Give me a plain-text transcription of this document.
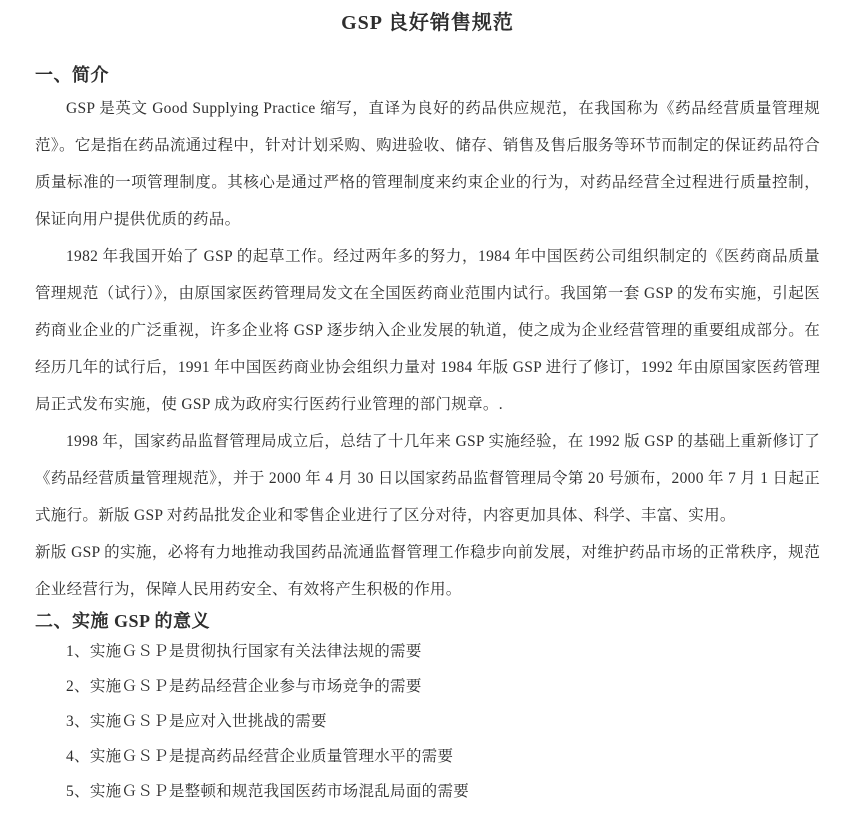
GSP 良好销售规范
一、简介

GSP 是英文 Good Supplying Practice 缩写，直译为良好的药品供应规范，在我国称为《药品经营质量管理规范》。它是指在药品流通过程中，针对计划采购、购进验收、储存、销售及售后服务等环节而制定的保证药品符合质量标准的一项管理制度。其核心是通过严格的管理制度来约束企业的行为，对药品经营全过程进行质量控制，保证向用户提供优质的药品。

1982 年我国开始了 GSP 的起草工作。经过两年多的努力，1984 年中国医药公司组织制定的《医药商品质量管理规范（试行）》，由原国家医药管理局发文在全国医药商业范围内试行。我国第一套 GSP 的发布实施，引起医药商业企业的广泛重视，许多企业将 GSP 逐步纳入企业发展的轨道，使之成为企业经营管理的重要组成部分。在经历几年的试行后，1991 年中国医药商业协会组织力量对 1984 年版 GSP 进行了修订，1992 年由原国家医药管理局正式发布实施，使 GSP 成为政府实行医药行业管理的部门规章。.

1998 年，国家药品监督管理局成立后，总结了十几年来 GSP 实施经验，在 1992 版 GSP 的基础上重新修订了《药品经营质量管理规范》，并于 2000 年 4 月 30 日以国家药品监督管理局令第 20 号颁布，2000 年 7 月 1 日起正式施行。新版 GSP 对药品批发企业和零售企业进行了区分对待，内容更加具体、科学、丰富、实用。

新版 GSP 的实施，必将有力地推动我国药品流通监督管理工作稳步向前发展，对维护药品市场的正常秩序，规范企业经营行为，保障人民用药安全、有效将产生积极的作用。

二、实施 GSP 的意义

1、实施ＧＳＰ是贯彻执行国家有关法律法规的需要

2、实施ＧＳＰ是药品经营企业参与市场竞争的需要

3、实施ＧＳＰ是应对入世挑战的需要

4、实施ＧＳＰ是提高药品经营企业质量管理水平的需要

5、实施ＧＳＰ是整顿和规范我国医药市场混乱局面的需要
